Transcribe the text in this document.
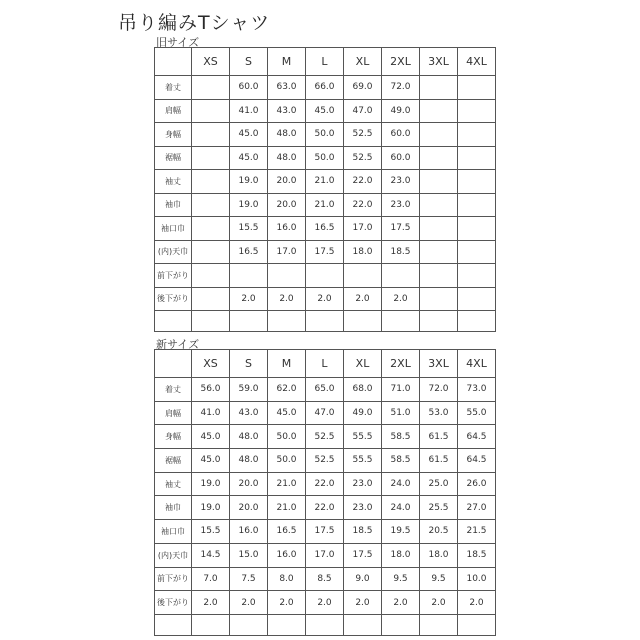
吊り編みTシャツ
旧サイズ
	XS	S	M	L	XL	2XL	3XL	4XL
着丈		60.0	63.0	66.0	69.0	72.0		
肩幅		41.0	43.0	45.0	47.0	49.0		
身幅		45.0	48.0	50.0	52.5	60.0		
裾幅		45.0	48.0	50.0	52.5	60.0		
袖丈		19.0	20.0	21.0	22.0	23.0		
袖巾		19.0	20.0	21.0	22.0	23.0		
袖口巾		15.5	16.0	16.5	17.0	17.5		
(内)天巾		16.5	17.0	17.5	18.0	18.5		
前下がり								
後下がり		2.0	2.0	2.0	2.0	2.0		

新サイズ
	XS	S	M	L	XL	2XL	3XL	4XL
着丈	56.0	59.0	62.0	65.0	68.0	71.0	72.0	73.0
肩幅	41.0	43.0	45.0	47.0	49.0	51.0	53.0	55.0
身幅	45.0	48.0	50.0	52.5	55.5	58.5	61.5	64.5
裾幅	45.0	48.0	50.0	52.5	55.5	58.5	61.5	64.5
袖丈	19.0	20.0	21.0	22.0	23.0	24.0	25.0	26.0
袖巾	19.0	20.0	21.0	22.0	23.0	24.0	25.5	27.0
袖口巾	15.5	16.0	16.5	17.5	18.5	19.5	20.5	21.5
(内)天巾	14.5	15.0	16.0	17.0	17.5	18.0	18.0	18.5
前下がり	7.0	7.5	8.0	8.5	9.0	9.5	9.5	10.0
後下がり	2.0	2.0	2.0	2.0	2.0	2.0	2.0	2.0
